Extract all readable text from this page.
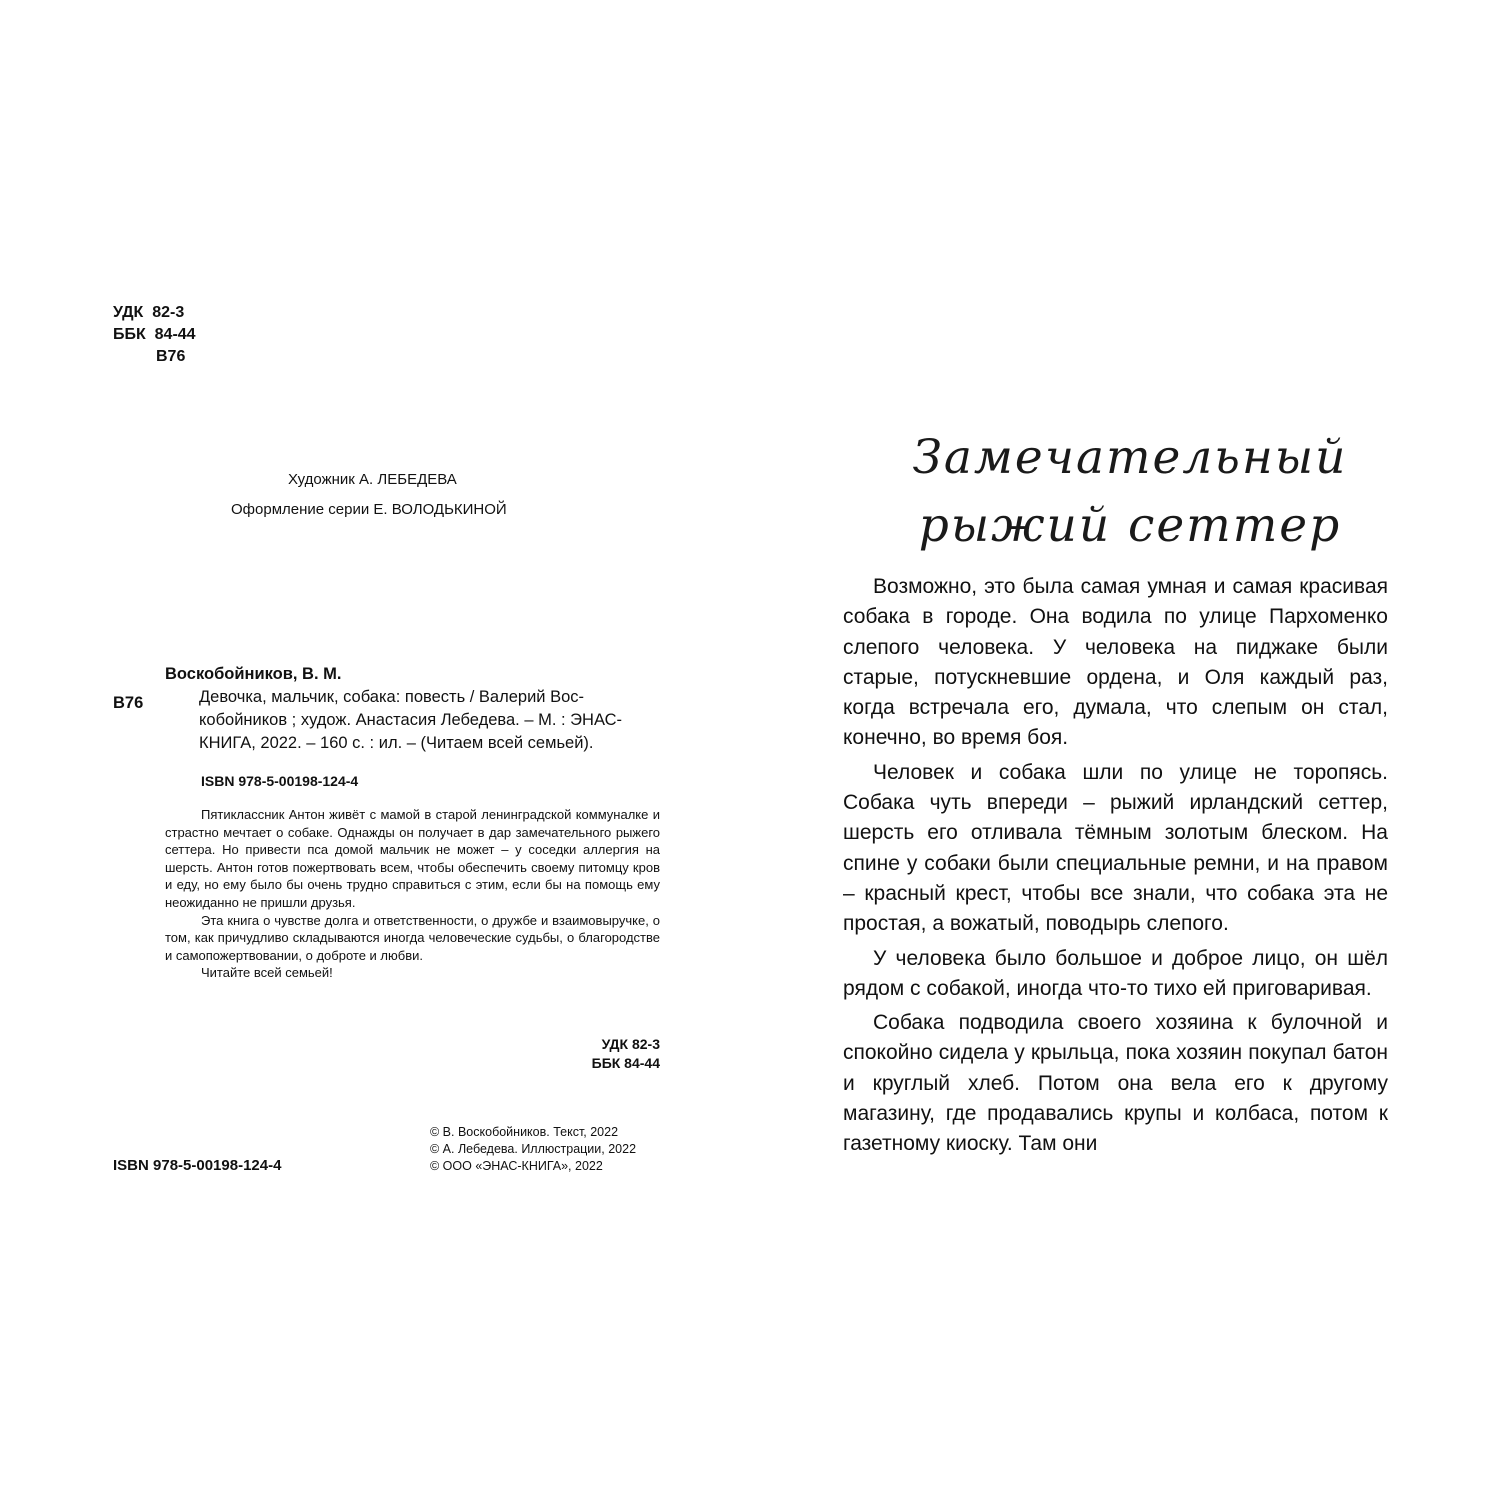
УДК 82-3
ББК 84-44
В76
Художник А. ЛЕБЕДЕВА
Оформление серии Е. ВОЛОДЬКИНОЙ
В76
Воскобойников, В. М.

Девочка, мальчик, собака: повесть / Валерий Вос-

кобойников ; худож. Анастасия Лебедева. – М. : ЭНАС-

КНИГА, 2022. – 160 с. : ил. – (Читаем всей семьей).

ISBN 978-5-00198-124-4

Пятиклассник Антон живёт с мамой в старой ленинградской коммуналке и страстно мечтает о собаке. Однажды он получает в дар замечательного рыжего сеттера. Но привести пса домой мальчик не может – у соседки аллергия на шерсть. Антон готов пожертвовать всем, чтобы обеспечить своему питомцу кров и еду, но ему было бы очень трудно справиться с этим, если бы на помощь ему неожиданно не пришли друзья.

Эта книга о чувстве долга и ответственности, о дружбе и взаимовыручке, о том, как причудливо складываются иногда человеческие судьбы, о благородстве и самопожертвовании, о доброте и любви.

Читайте всей семьей!

УДК 82-3
ББК 84-44
ISBN 978-5-00198-124-4
© В. Воскобойников. Текст, 2022
© А. Лебедева. Иллюстрации, 2022
© ООО «ЭНАС-КНИГА», 2022
Замечательный
рыжий сеттер

Возможно, это была самая умная и самая красивая собака в городе. Она водила по улице Пархоменко слепого человека. У человека на пиджаке были старые, потускневшие ордена, и Оля каждый раз, когда встречала его, думала, что слепым он стал, конечно, во время боя.

Человек и собака шли по улице не торопясь. Собака чуть впереди – рыжий ирландский сеттер, шерсть его отливала тёмным золотым блеском. На спине у собаки были специальные ремни, и на правом – красный крест, чтобы все знали, что собака эта не простая, а вожатый, поводырь слепого.

У человека было большое и доброе лицо, он шёл рядом с собакой, иногда что-то тихо ей приговаривая.

Собака подводила своего хозяина к булочной и спокойно сидела у крыльца, пока хозяин покупал батон и круглый хлеб. Потом она вела его к другому магазину, где продавались крупы и колбаса, потом к газетному киоску. Там они
